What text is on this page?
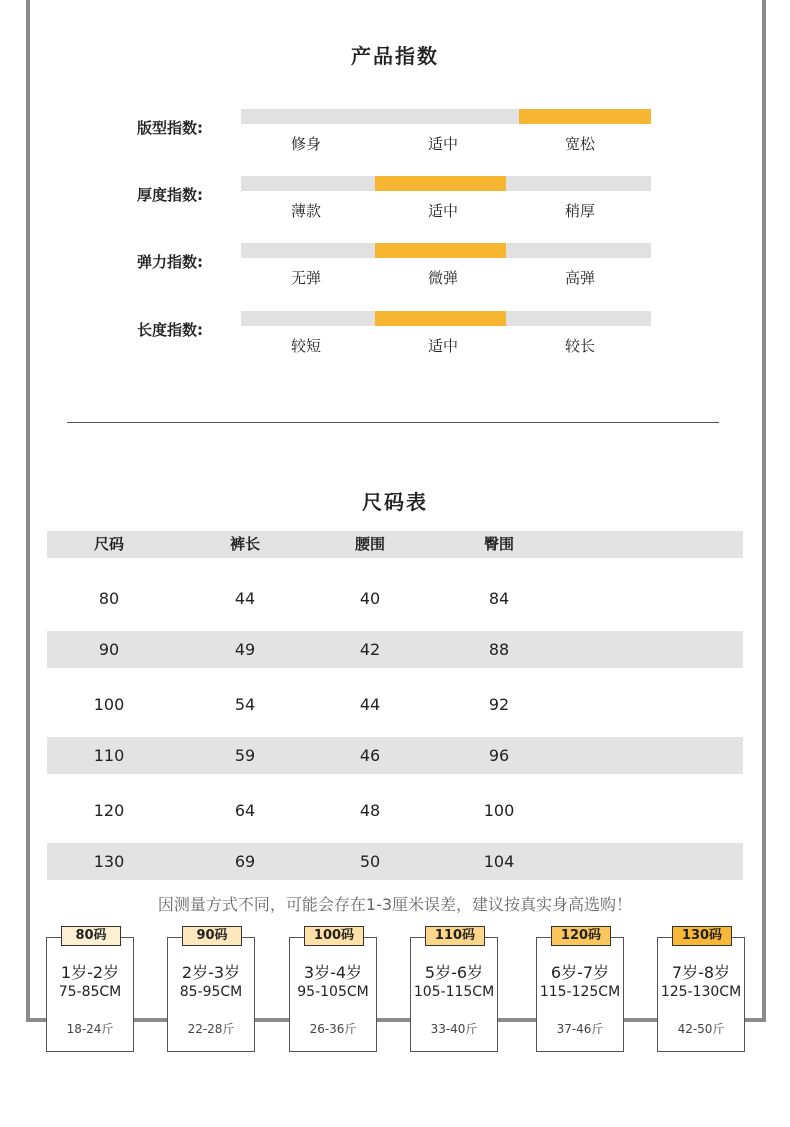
产品指数
版型指数:
修身	适中	宽松
厚度指数:
薄款	适中	稍厚
弹力指数:
无弹	微弹	高弹
长度指数:
较短	适中	较长
尺码表
尺码	裤长	腰围	臀围
80	44	40	84
90	49	42	88
100	54	44	92
110	59	46	96
120	64	48	100
130	69	50	104
因测量方式不同，可能会存在1-3厘米误差，建议按真实身高选购！
80码
1岁-2岁
75-85CM
18-24斤
90码
2岁-3岁
85-95CM
22-28斤
100码
3岁-4岁
95-105CM
26-36斤
110码
5岁-6岁
105-115CM
33-40斤
120码
6岁-7岁
115-125CM
37-46斤
130码
7岁-8岁
125-130CM
42-50斤
